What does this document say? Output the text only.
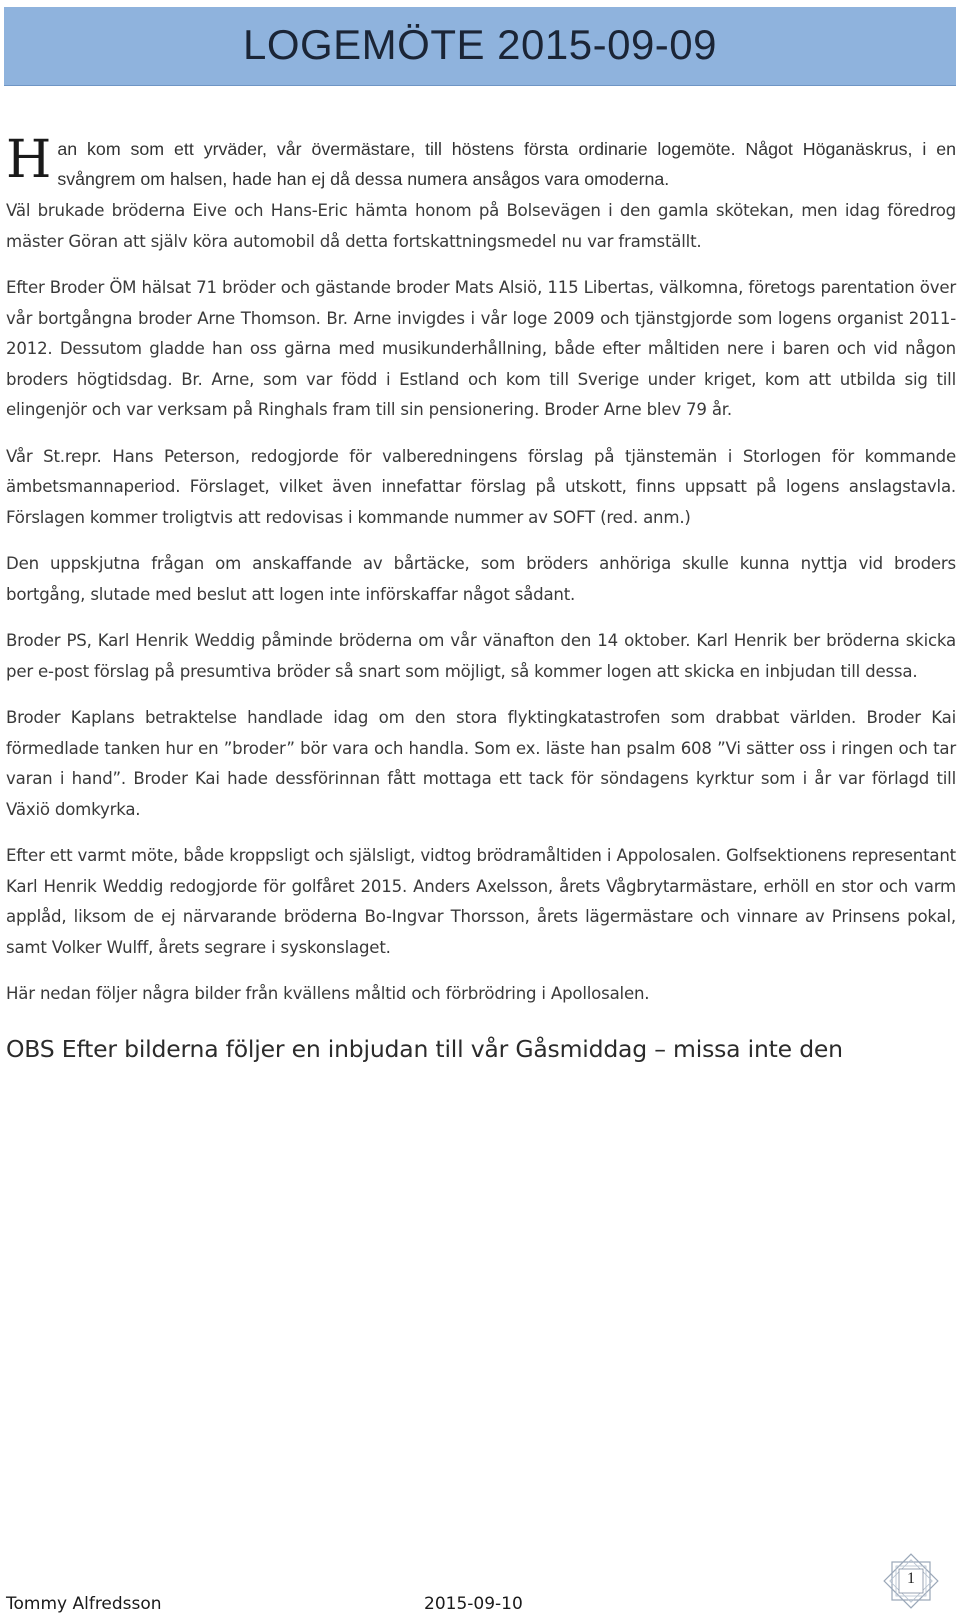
LOGEMÖTE 2015-09-09

Han kom som ett yrväder, vår övermästare, till höstens första ordinarie logemöte. Något Höganäskrus, i en svångrem om halsen, hade han ej då dessa numera ansågos vara omoderna.

Väl brukade bröderna Eive och Hans-Eric hämta honom på Bolsevägen i den gamla skötekan, men idag föredrog mäster Göran att själv köra automobil då detta fortskattningsmedel nu var framställt.

Efter Broder ÖM hälsat 71 bröder och gästande broder Mats Alsiö, 115 Libertas, välkomna, företogs parentation över vår bortgångna broder Arne Thomson. Br. Arne invigdes i vår loge 2009 och tjänstgjorde som logens organist 2011-2012. Dessutom gladde han oss gärna med musikunderhållning, både efter måltiden nere i baren och vid någon broders högtidsdag. Br. Arne, som var född i Estland och kom till Sverige under kriget, kom att utbilda sig till elingenjör och var verksam på Ringhals fram till sin pensionering. Broder Arne blev 79 år.

Vår St.repr. Hans Peterson, redogjorde för valberedningens förslag på tjänstemän i Storlogen för kommande ämbetsmannaperiod. Förslaget, vilket även innefattar förslag på utskott, finns uppsatt på logens anslagstavla. Förslagen kommer troligtvis att redovisas i kommande nummer av SOFT (red. anm.)

Den uppskjutna frågan om anskaffande av bårtäcke, som bröders anhöriga skulle kunna nyttja vid broders bortgång, slutade med beslut att logen inte införskaffar något sådant.

Broder PS, Karl Henrik Weddig påminde bröderna om vår vänafton den 14 oktober. Karl Henrik ber bröderna skicka per e-post förslag på presumtiva bröder så snart som möjligt, så kommer logen att skicka en inbjudan till dessa.

Broder Kaplans betraktelse handlade idag om den stora flyktingkatastrofen som drabbat världen. Broder Kai förmedlade tanken hur en ”broder” bör vara och handla. Som ex. läste han psalm 608 ”Vi sätter oss i ringen och tar varan i hand”. Broder Kai hade dessförinnan fått mottaga ett tack för söndagens kyrktur som i år var förlagd till Växiö domkyrka.

Efter ett varmt möte, både kroppsligt och själsligt, vidtog brödramåltiden i Appolosalen. Golfsektionens representant Karl Henrik Weddig redogjorde för golfåret 2015. Anders Axelsson, årets Vågbrytarmästare, erhöll en stor och varm applåd, liksom de ej närvarande bröderna Bo-Ingvar Thorsson, årets lägermästare och vinnare av Prinsens pokal, samt Volker Wulff, årets segrare i syskonslaget.

Här nedan följer några bilder från kvällens måltid och förbrödring i Apollosalen.

OBS Efter bilderna följer en inbjudan till vår Gåsmiddag – missa inte den

Tommy Alfredsson	2015-09-10
1
